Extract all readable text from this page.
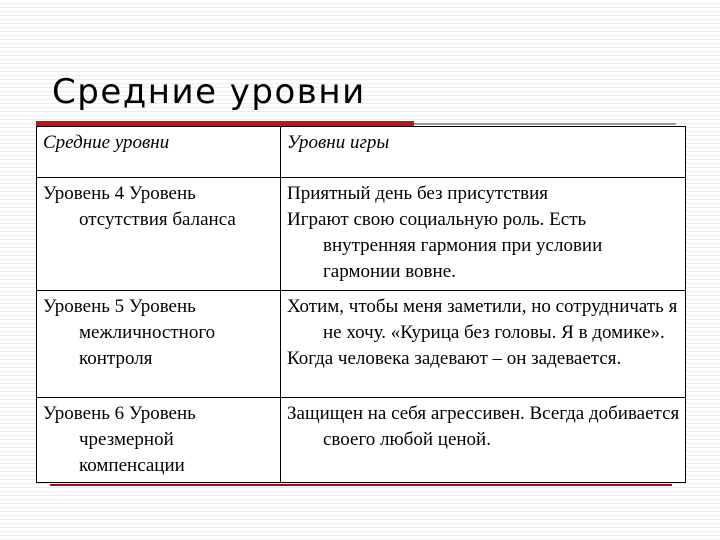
Средние уровни
Средние уровни	Уровни игры

Уровень 4 Уровень отсутствия баланса	Приятный день без присутствия
Играют свою социальную роль. Есть внутренняя гармония при условии гармонии вовне.

Уровень 5 Уровень межличностного контроля	Хотим, чтобы меня заметили, но сотрудничать я не хочу. «Курица без головы. Я в домике».
Когда человека задевают – он задевается.

Уровень 6 Уровень чрезмерной компенсации	Защищен на себя агрессивен. Всегда добивается своего любой ценой.
